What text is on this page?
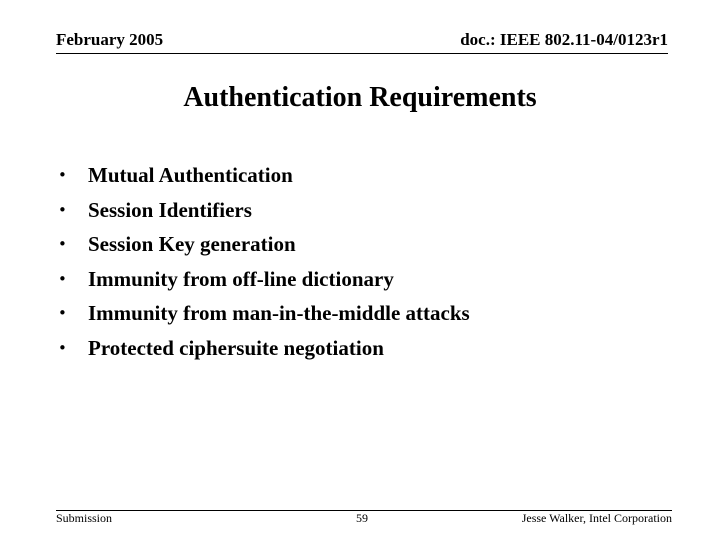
February 2005	doc.: IEEE 802.11-04/0123r1
Authentication Requirements
• Mutual Authentication
• Session Identifiers
• Session Key generation
• Immunity from off-line dictionary
• Immunity from man-in-the-middle attacks
• Protected ciphersuite negotiation
Submission	59	Jesse Walker, Intel Corporation
